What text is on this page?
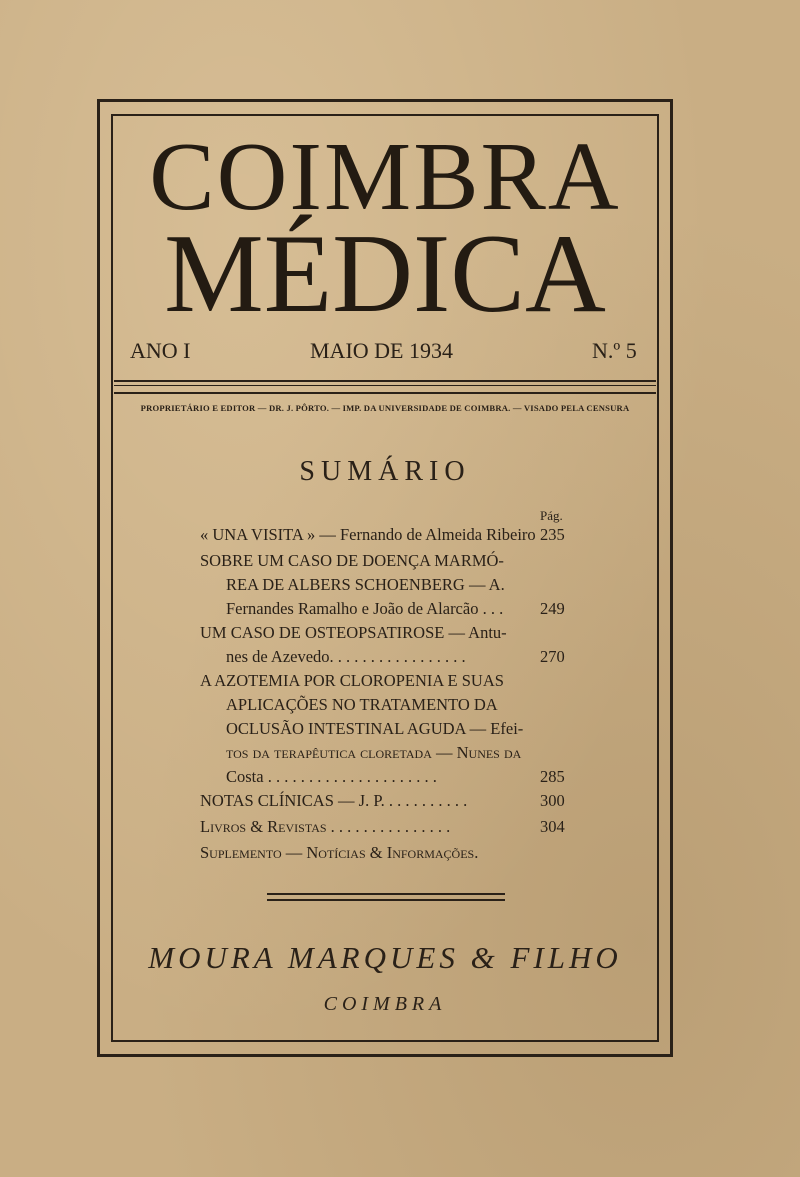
COIMBRA
MÉDICA
ANO I	MAIO DE 1934	N.º 5
PROPRIETÁRIO E EDITOR — DR. J. PÔRTO. — IMP. DA UNIVERSIDADE DE COIMBRA. — VISADO PELA CENSURA
SUMÁRIO
Pág.
« UNA VISITA » — Fernando de Almeida Ribeiro 235
SOBRE UM CASO DE DOENÇA MARMÓ-
REA DE ALBERS SCHOENBERG — A.
Fernandes Ramalho e João de Alarcão . . . 249
UM CASO DE OSTEOPSATIROSE — Antu-
nes de Azevedo. . . . . . . . . . . . . . . . .	270
A AZOTEMIA POR CLOROPENIA E SUAS
APLICAÇÕES NO TRATAMENTO DA
OCLUSÃO INTESTINAL AGUDA — Efei-
tos da terapêutica cloretada — Nunes da
Costa . . . . . . . . . . . . . . . . . . . . .	285
NOTAS CLÍNICAS — J. P. . . . . . . . . . .	300
Livros & Revistas . . . . . . . . . . . . . . .	304
Suplemento — Notícias & Informações.
MOURA MARQUES & FILHO
COIMBRA
